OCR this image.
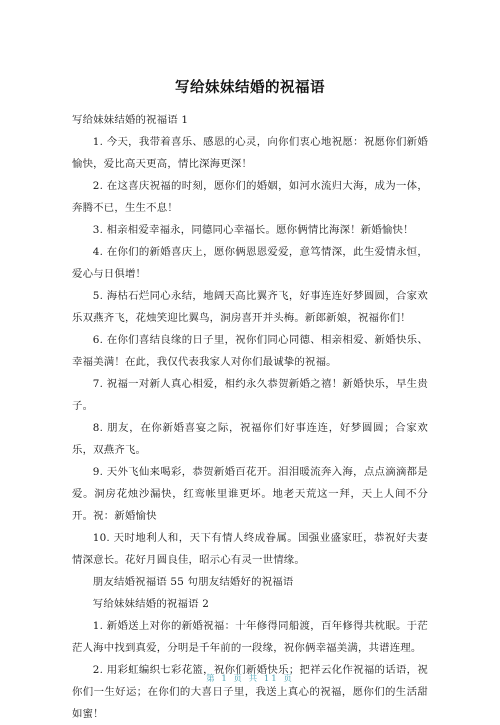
写给妹妹结婚的祝福语

写给妹妹结婚的祝福语 1

1. 今天，我带着喜乐、感恩的心灵，向你们衷心地祝愿：祝愿你们新婚愉快，爱比高天更高，情比深海更深！

2. 在这喜庆祝福的时刻，愿你们的婚姻，如河水流归大海，成为一体，奔腾不已，生生不息！

3. 相亲相爱幸福永，同德同心幸福长。愿你俩情比海深！新婚愉快！

4. 在你们的新婚喜庆上，愿你俩恩恩爱爱，意笃情深，此生爱情永恒，爱心与日俱增！

5. 海枯石烂同心永结，地阔天高比翼齐飞，好事连连好梦圆圆，合家欢乐双燕齐飞，花烛笑迎比翼鸟，洞房喜开并头梅。新郎新娘，祝福你们！

6. 在你们喜结良缘的日子里，祝你们同心同德、相亲相爱、新婚快乐、幸福美满！在此，我仅代表我家人对你们最诚挚的祝福。

7. 祝福一对新人真心相爱，相约永久恭贺新婚之禧！新婚快乐，早生贵子。

8. 朋友，在你新婚喜宴之际，祝福你们好事连连，好梦圆圆；合家欢乐，双燕齐飞。

9. 天外飞仙来喝彩，恭贺新婚百花开。泪泪暖流奔入海，点点滴滴都是爱。洞房花烛沙漏快，红鸾帐里谁更坏。地老天荒这一拜，天上人间不分开。祝：新婚愉快

10. 天时地利人和，天下有情人终成眷属。国强业盛家旺，恭祝好夫妻情深意长。花好月圆良佳，昭示心有灵一世情缘。

朋友结婚祝福语 55 句朋友结婚好的祝福语

写给妹妹结婚的祝福语 2

1. 新婚送上对你的新婚祝福：十年修得同船渡，百年修得共枕眠。于茫茫人海中找到真爱，分明是千年前的一段缘，祝你俩幸福美满，共谱连理。

2. 用彩虹编织七彩花篮，祝你们新婚快乐；把祥云化作祝福的话语，祝你们一生好运；在你们的大喜日子里，我送上真心的祝福，愿你们的生活甜如蜜！

第 1 页 共 11 页
